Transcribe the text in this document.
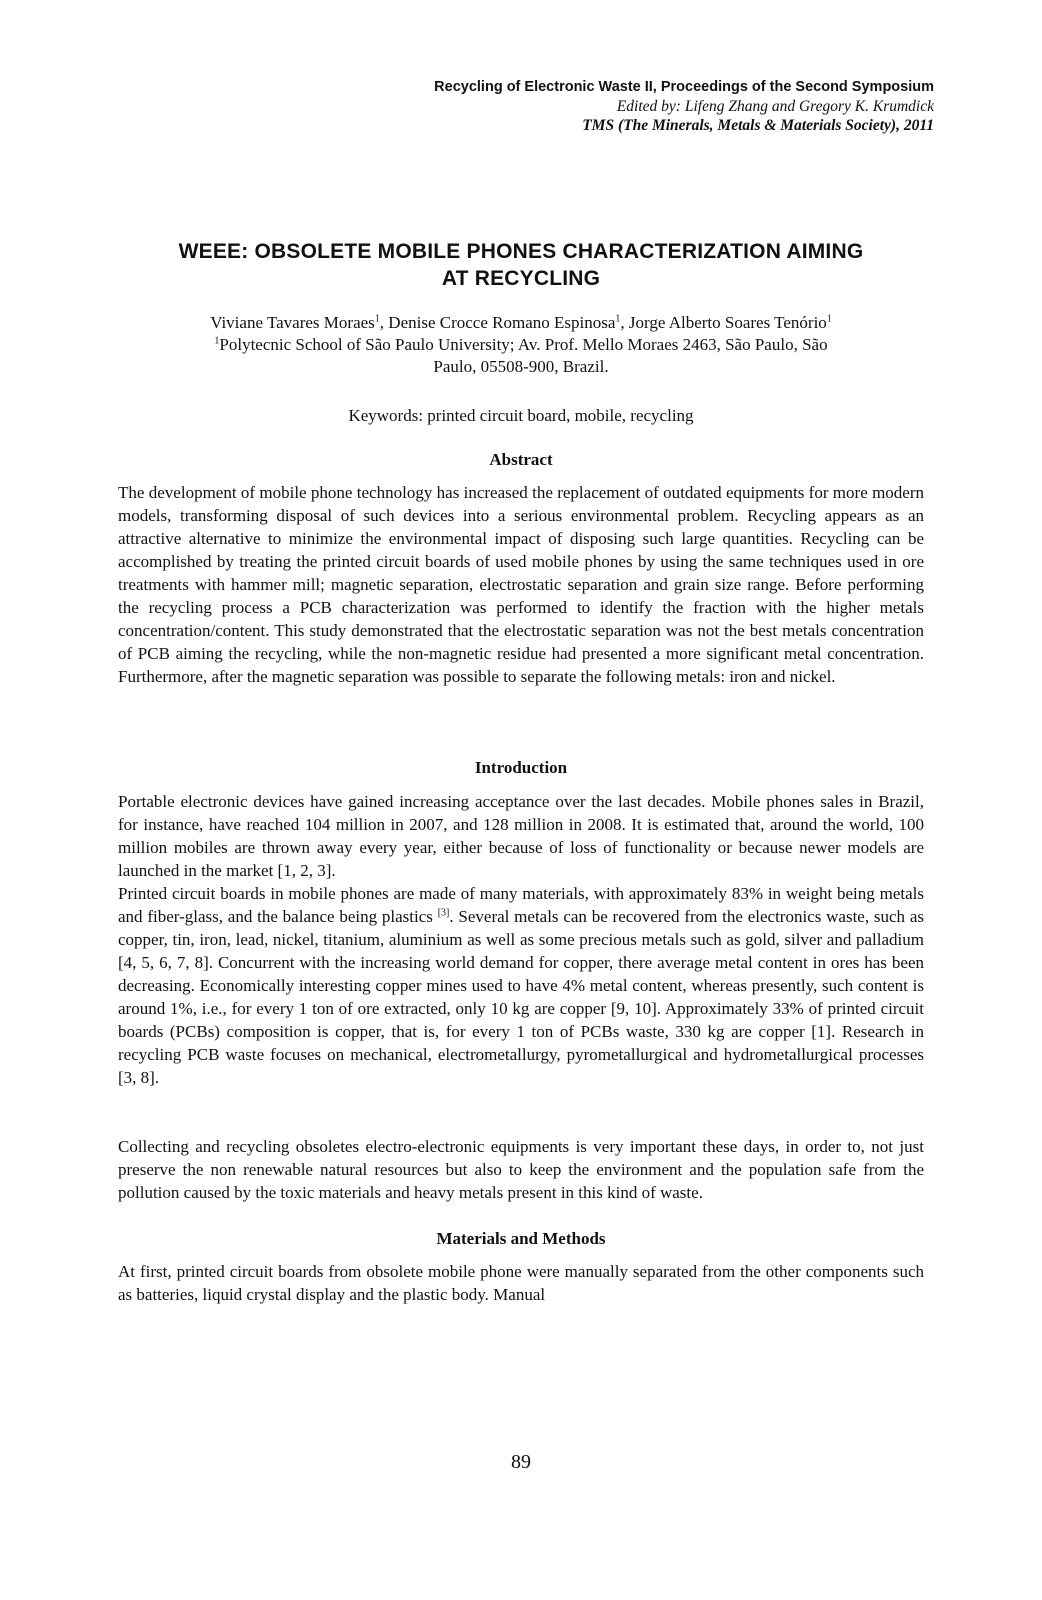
Recycling of Electronic Waste II, Proceedings of the Second Symposium
Edited by: Lifeng Zhang and Gregory K. Krumdick
TMS (The Minerals, Metals & Materials Society), 2011
WEEE: OBSOLETE MOBILE PHONES CHARACTERIZATION AIMING
AT RECYCLING
Viviane Tavares Moraes$^1$, Denise Crocce Romano Espinosa$^1$, Jorge Alberto Soares Tenório$^1$
$^1$Polytecnic School of São Paulo University; Av. Prof. Mello Moraes 2463, São Paulo, São
Paulo, 05508-900, Brazil.
Keywords: printed circuit board, mobile, recycling
Abstract

The development of mobile phone technology has increased the replacement of outdated equipments for more modern models, transforming disposal of such devices into a serious environmental problem. Recycling appears as an attractive alternative to minimize the environmental impact of disposing such large quantities. Recycling can be accomplished by treating the printed circuit boards of used mobile phones by using the same techniques used in ore treatments with hammer mill; magnetic separation, electrostatic separation and grain size range. Before performing the recycling process a PCB characterization was performed to identify the fraction with the higher metals concentration/content. This study demonstrated that the electrostatic separation was not the best metals concentration of PCB aiming the recycling, while the non-magnetic residue had presented a more significant metal concentration. Furthermore, after the magnetic separation was possible to separate the following metals: iron and nickel.

Introduction

Portable electronic devices have gained increasing acceptance over the last decades. Mobile phones sales in Brazil, for instance, have reached 104 million in 2007, and 128 million in 2008. It is estimated that, around the world, 100 million mobiles are thrown away every year, either because of loss of functionality or because newer models are launched in the market [1, 2, 3].

Printed circuit boards in mobile phones are made of many materials, with approximately 83% in weight being metals and fiber-glass, and the balance being plastics [3]. Several metals can be recovered from the electronics waste, such as copper, tin, iron, lead, nickel, titanium, aluminium as well as some precious metals such as gold, silver and palladium [4, 5, 6, 7, 8]. Concurrent with the increasing world demand for copper, there average metal content in ores has been decreasing. Economically interesting copper mines used to have 4% metal content, whereas presently, such content is around 1%, i.e., for every 1 ton of ore extracted, only 10 kg are copper [9, 10]. Approximately 33% of printed circuit boards (PCBs) composition is copper, that is, for every 1 ton of PCBs waste, 330 kg are copper [1]. Research in recycling PCB waste focuses on mechanical, electrometallurgy, pyrometallurgical and hydrometallurgical processes [3, 8].

Collecting and recycling obsoletes electro-electronic equipments is very important these days, in order to, not just preserve the non renewable natural resources but also to keep the environment and the population safe from the pollution caused by the toxic materials and heavy metals present in this kind of waste.

Materials and Methods

At first, printed circuit boards from obsolete mobile phone were manually separated from the other components such as batteries, liquid crystal display and the plastic body. Manual

89
